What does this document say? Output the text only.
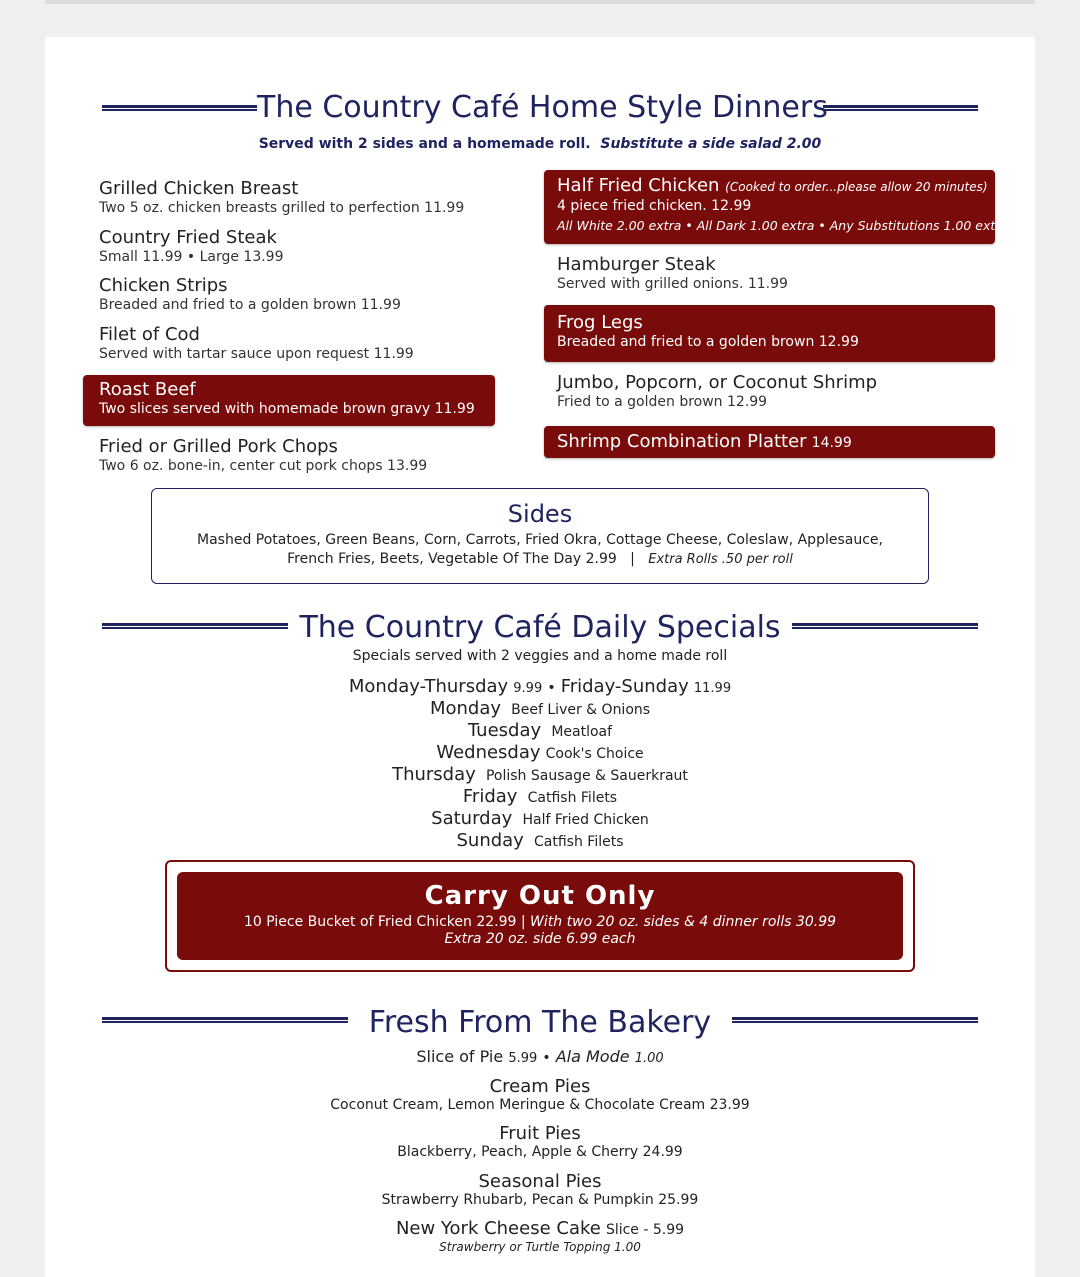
The Country Café Home Style Dinners
Served with 2 sides and a homemade roll. Substitute a side salad 2.00
Grilled Chicken Breast
Two 5 oz. chicken breasts grilled to perfection 11.99
Country Fried Steak
Small 11.99 • Large 13.99
Chicken Strips
Breaded and fried to a golden brown 11.99
Filet of Cod
Served with tartar sauce upon request 11.99
Roast Beef
Two slices served with homemade brown gravy 11.99
Fried or Grilled Pork Chops
Two 6 oz. bone-in, center cut pork chops 13.99
Half Fried Chicken (Cooked to order...please allow 20 minutes)
4 piece fried chicken. 12.99
All White 2.00 extra • All Dark 1.00 extra • Any Substitutions 1.00 extra
Hamburger Steak
Served with grilled onions. 11.99
Frog Legs
Breaded and fried to a golden brown 12.99
Jumbo, Popcorn, or Coconut Shrimp
Fried to a golden brown 12.99
Shrimp Combination Platter 14.99
Sides
Mashed Potatoes, Green Beans, Corn, Carrots, Fried Okra, Cottage Cheese, Coleslaw, Applesauce,
French Fries, Beets, Vegetable Of The Day 2.99 | Extra Rolls .50 per roll
The Country Café Daily Specials
Specials served with 2 veggies and a home made roll
Monday-Thursday 9.99 • Friday-Sunday 11.99
Monday Beef Liver & Onions
Tuesday Meatloaf
Wednesday Cook's Choice
Thursday Polish Sausage & Sauerkraut
Friday Catfish Filets
Saturday Half Fried Chicken
Sunday Catfish Filets
Carry Out Only
10 Piece Bucket of Fried Chicken 22.99 | With two 20 oz. sides & 4 dinner rolls 30.99
Extra 20 oz. side 6.99 each
Fresh From The Bakery
Slice of Pie 5.99 • Ala Mode 1.00
Cream Pies
Coconut Cream, Lemon Meringue & Chocolate Cream 23.99
Fruit Pies
Blackberry, Peach, Apple & Cherry 24.99
Seasonal Pies
Strawberry Rhubarb, Pecan & Pumpkin 25.99
New York Cheese Cake Slice - 5.99
Strawberry or Turtle Topping 1.00
